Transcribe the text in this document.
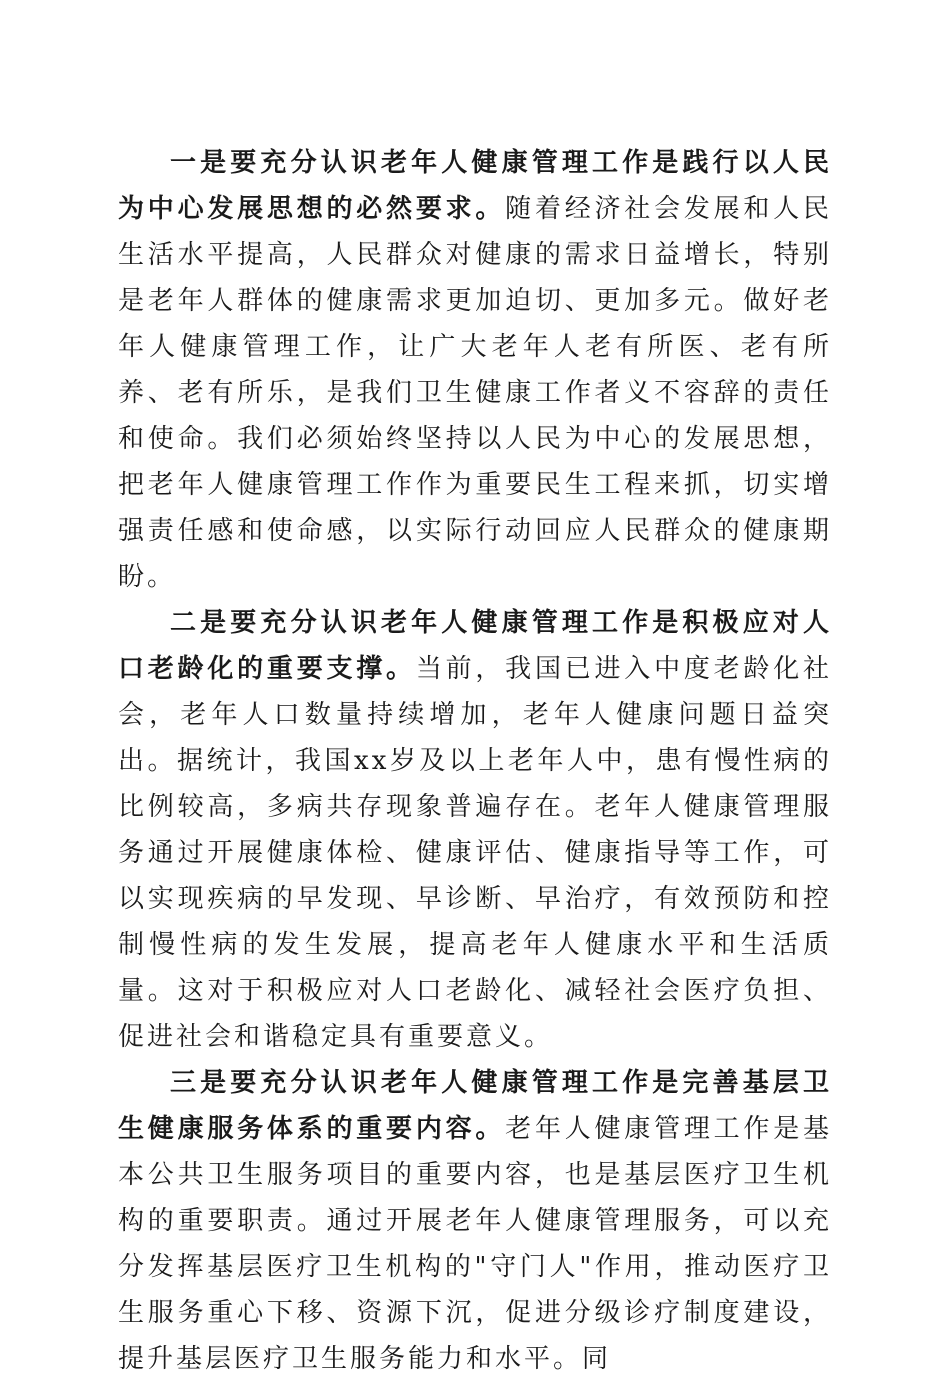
一是要充分认识老年人健康管理工作是践行以人民为中心发展思想的必然要求。随着经济社会发展和人民生活水平提高，人民群众对健康的需求日益增长，特别是老年人群体的健康需求更加迫切、更加多元。做好老年人健康管理工作，让广大老年人老有所医、老有所养、老有所乐，是我们卫生健康工作者义不容辞的责任和使命。我们必须始终坚持以人民为中心的发展思想，把老年人健康管理工作作为重要民生工程来抓，切实增强责任感和使命感，以实际行动回应人民群众的健康期盼。

二是要充分认识老年人健康管理工作是积极应对人口老龄化的重要支撑。当前，我国已进入中度老龄化社会，老年人口数量持续增加，老年人健康问题日益突出。据统计，我国xx岁及以上老年人中，患有慢性病的比例较高，多病共存现象普遍存在。老年人健康管理服务通过开展健康体检、健康评估、健康指导等工作，可以实现疾病的早发现、早诊断、早治疗，有效预防和控制慢性病的发生发展，提高老年人健康水平和生活质量。这对于积极应对人口老龄化、减轻社会医疗负担、促进社会和谐稳定具有重要意义。

三是要充分认识老年人健康管理工作是完善基层卫生健康服务体系的重要内容。老年人健康管理工作是基本公共卫生服务项目的重要内容，也是基层医疗卫生机构的重要职责。通过开展老年人健康管理服务，可以充分发挥基层医疗卫生机构的"守门人"作用，推动医疗卫生服务重心下移、资源下沉，促进分级诊疗制度建设，提升基层医疗卫生服务能力和水平。同
